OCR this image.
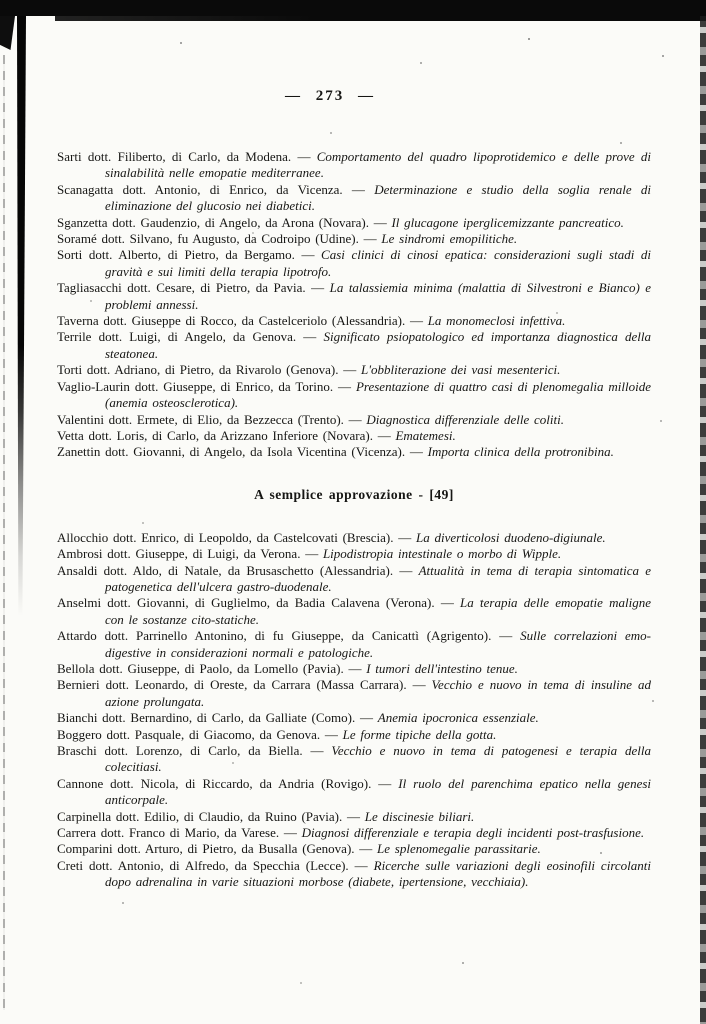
— 273 —

Sarti dott. Filiberto, di Carlo, da Modena. — Comportamento del quadro lipoprotidemico e delle prove di sinalabilità nelle emopatie mediterranee.

Scanagatta dott. Antonio, di Enrico, da Vicenza. — Determinazione e studio della soglia renale di eliminazione del glucosio nei diabetici.

Sganzetta dott. Gaudenzio, di Angelo, da Arona (Novara). — Il glucagone iperglicemizzante pancreatico.

Soramé dott. Silvano, fu Augusto, da Codroipo (Udine). — Le sindromi emopilitiche.

Sorti dott. Alberto, di Pietro, da Bergamo. — Casi clinici di cinosi epatica: considerazioni sugli stadi di gravità e sui limiti della terapia lipotrofo.

Tagliasacchi dott. Cesare, di Pietro, da Pavia. — La talassiemia minima (malattia di Silvestroni e Bianco) e problemi annessi.

Taverna dott. Giuseppe di Rocco, da Castelceriolo (Alessandria). — La monomeclosi infettiva.

Terrile dott. Luigi, di Angelo, da Genova. — Significato psiopatologico ed importanza diagnostica della steatonea.

Torti dott. Adriano, di Pietro, da Rivarolo (Genova). — L'obbliterazione dei vasi mesenterici.

Vaglio-Laurin dott. Giuseppe, di Enrico, da Torino. — Presentazione di quattro casi di plenomegalia milloide (anemia osteosclerotica).

Valentini dott. Ermete, di Elio, da Bezzecca (Trento). — Diagnostica differenziale delle coliti.

Vetta dott. Loris, di Carlo, da Arizzano Inferiore (Novara). — Ematemesi.

Zanettin dott. Giovanni, di Angelo, da Isola Vicentina (Vicenza). — Importa clinica della protronibina.

A semplice approvazione - [49]

Allocchio dott. Enrico, di Leopoldo, da Castelcovati (Brescia). — La diverticolosi duodeno-digiunale.

Ambrosi dott. Giuseppe, di Luigi, da Verona. — Lipodistropia intestinale o morbo di Wipple.

Ansaldi dott. Aldo, di Natale, da Brusaschetto (Alessandria). — Attualità in tema di terapia sintomatica e patogenetica dell'ulcera gastro-duodenale.

Anselmi dott. Giovanni, di Guglielmo, da Badia Calavena (Verona). — La terapia delle emopatie maligne con le sostanze cito-statiche.

Attardo dott. Parrinello Antonino, di fu Giuseppe, da Canicattì (Agrigento). — Sulle correlazioni emo-digestive in considerazioni normali e patologiche.

Bellola dott. Giuseppe, di Paolo, da Lomello (Pavia). — I tumori dell'intestino tenue.

Bernieri dott. Leonardo, di Oreste, da Carrara (Massa Carrara). — Vecchio e nuovo in tema di insuline ad azione prolungata.

Bianchi dott. Bernardino, di Carlo, da Galliate (Como). — Anemia ipocronica essenziale.

Boggero dott. Pasquale, di Giacomo, da Genova. — Le forme tipiche della gotta.

Braschi dott. Lorenzo, di Carlo, da Biella. — Vecchio e nuovo in tema di patogenesi e terapia della colecitiasi.

Cannone dott. Nicola, di Riccardo, da Andria (Rovigo). — Il ruolo del parenchima epatico nella genesi anticorpale.

Carpinella dott. Edilio, di Claudio, da Ruino (Pavia). — Le discinesie biliari.

Carrera dott. Franco di Mario, da Varese. — Diagnosi differenziale e terapia degli incidenti post-trasfusione.

Comparini dott. Arturo, di Pietro, da Busalla (Genova). — Le splenomegalie parassitarie.

Creti dott. Antonio, di Alfredo, da Specchia (Lecce). — Ricerche sulle variazioni degli eosinofili circolanti dopo adrenalina in varie situazioni morbose (diabete, ipertensione, vecchiaia).
